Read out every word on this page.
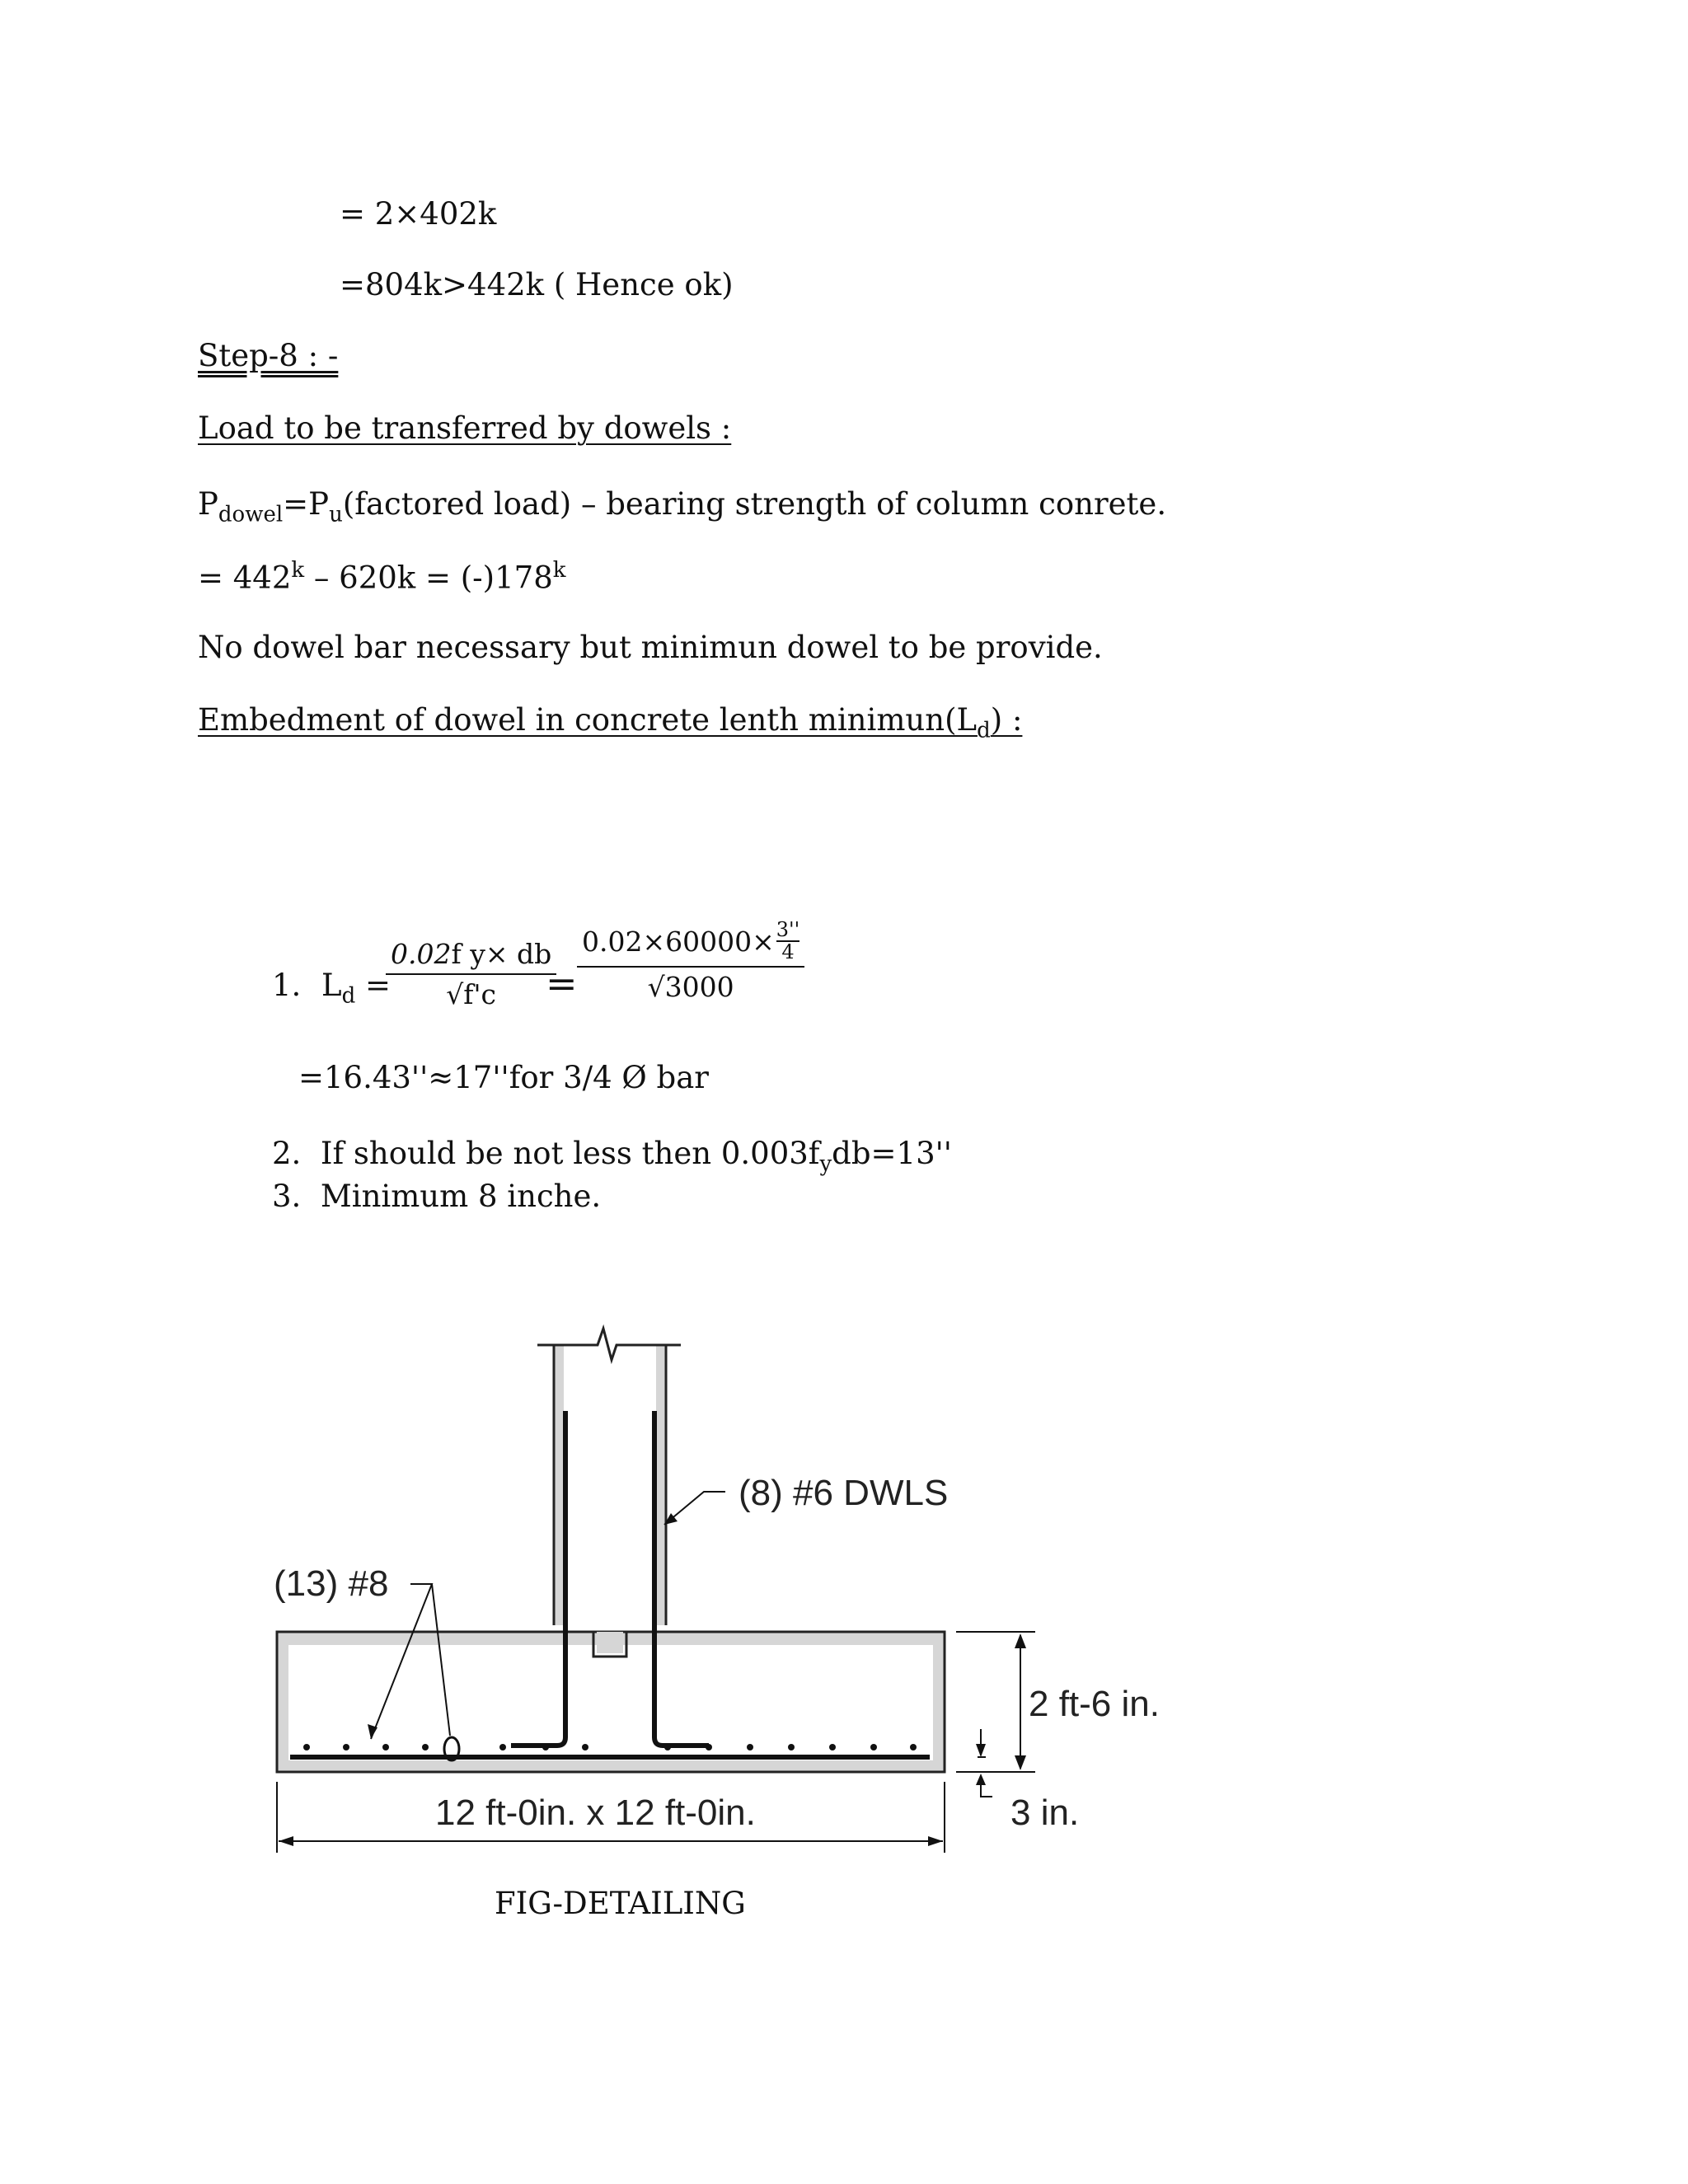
= 2×402k
=804k>442k ( Hence ok)
Step-8 : -
Load to be transferred by dowels :
$P_{dowel}=P_u(factored$ load) – bearing strength of column conrete.
= $442^k - 620k = (-)178^k$
No dowel bar necessary but minimun dowel to be provide.
Embedment of dowel in concrete lenth $minimun(L_d)$ :
1. $L_d$ =
0.02f y× db
√f'c	=
$0.02\times 60000\times \frac{3''}{4}$
√3000
=16.43''≈17''for 3/4 Ø bar
2. If should be not less then $0.003f_ydb=13''$
3. Minimum 8 inche.
(8) #6 DWLS
(13) #8
2 ft-6 in.
3 in.
12 ft-0in. x 12 ft-0in.
FIG-DETAILING
